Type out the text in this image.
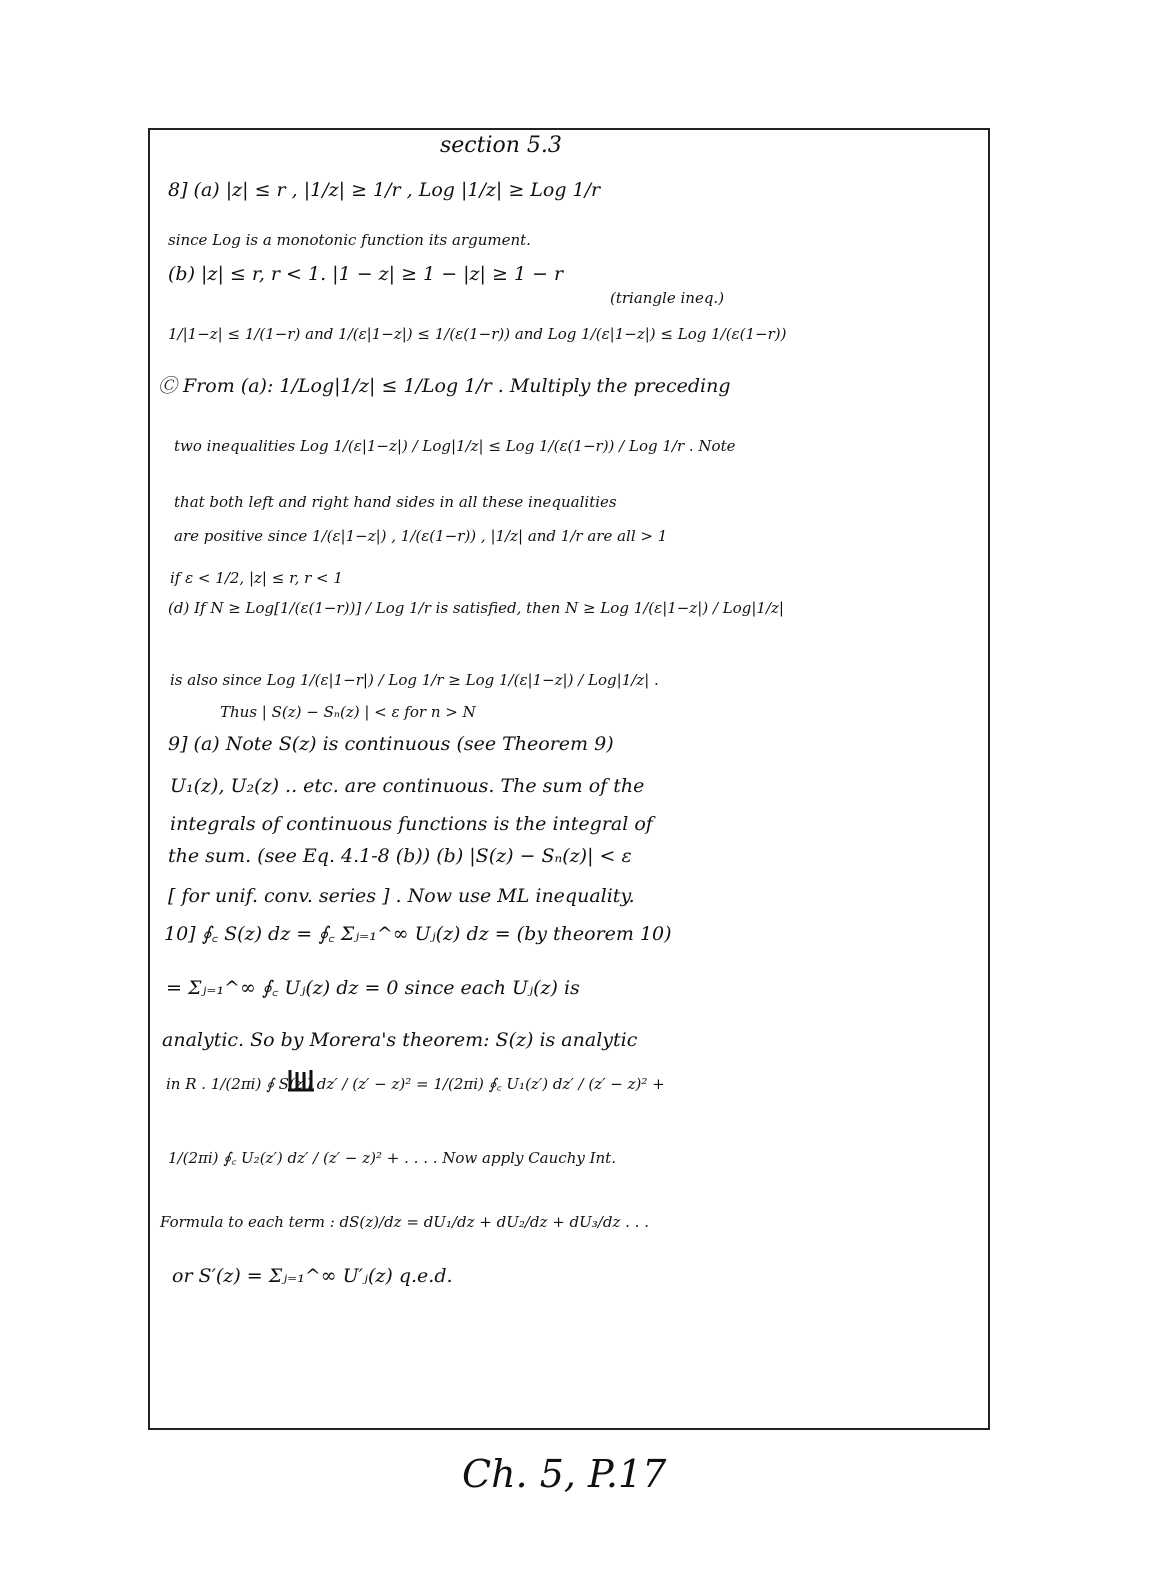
section 5.3
8] (a) |z| ≤ r , |1/z| ≥ 1/r , Log |1/z| ≥ Log 1/r
since Log is a monotonic function its argument.
(b) |z| ≤ r, r < 1. |1 − z| ≥ 1 − |z| ≥ 1 − r
(triangle ineq.)
1/|1−z| ≤ 1/(1−r) and 1/(ε|1−z|) ≤ 1/(ε(1−r)) and Log 1/(ε|1−z|) ≤ Log 1/(ε(1−r))
Ⓒ From (a): 1/Log|1/z| ≤ 1/Log 1/r . Multiply the preceding
two inequalities Log 1/(ε|1−z|) / Log|1/z| ≤ Log 1/(ε(1−r)) / Log 1/r . Note
that both left and right hand sides in all these inequalities
are positive since 1/(ε|1−z|) , 1/(ε(1−r)) , |1/z| and 1/r are all > 1
if ε < 1/2, |z| ≤ r, r < 1
(d) If N ≥ Log[1/(ε(1−r))] / Log 1/r is satisfied, then N ≥ Log 1/(ε|1−z|) / Log|1/z|
is also since Log 1/(ε|1−r|) / Log 1/r ≥ Log 1/(ε|1−z|) / Log|1/z| .
Thus | S(z) − Sₙ(z) | < ε for n > N
9] (a) Note S(z) is continuous (see Theorem 9)
U₁(z), U₂(z) .. etc. are continuous. The sum of the
integrals of continuous functions is the integral of
the sum. (see Eq. 4.1-8 (b)) (b) |S(z) − Sₙ(z)| < ε
[ for unif. conv. series ] . Now use ML inequality.
10] ∮꜀ S(z) dz = ∮꜀ Σⱼ₌₁^∞ Uⱼ(z) dz = (by theorem 10)
= Σⱼ₌₁^∞ ∮꜀ Uⱼ(z) dz = 0 since each Uⱼ(z) is
analytic. So by Morera's theorem: S(z) is analytic
in R . 1/(2πi) ∮ S(z′) dz′ / (z′ − z)² = 1/(2πi) ∮꜀ U₁(z′) dz′ / (z′ − z)² +
1/(2πi) ∮꜀ U₂(z′) dz′ / (z′ − z)² + . . . . Now apply Cauchy Int.
Formula to each term : dS(z)/dz = dU₁/dz + dU₂/dz + dU₃/dz . . .
or S′(z) = Σⱼ₌₁^∞ U′ⱼ(z) q.e.d.
Ch. 5, P.17
